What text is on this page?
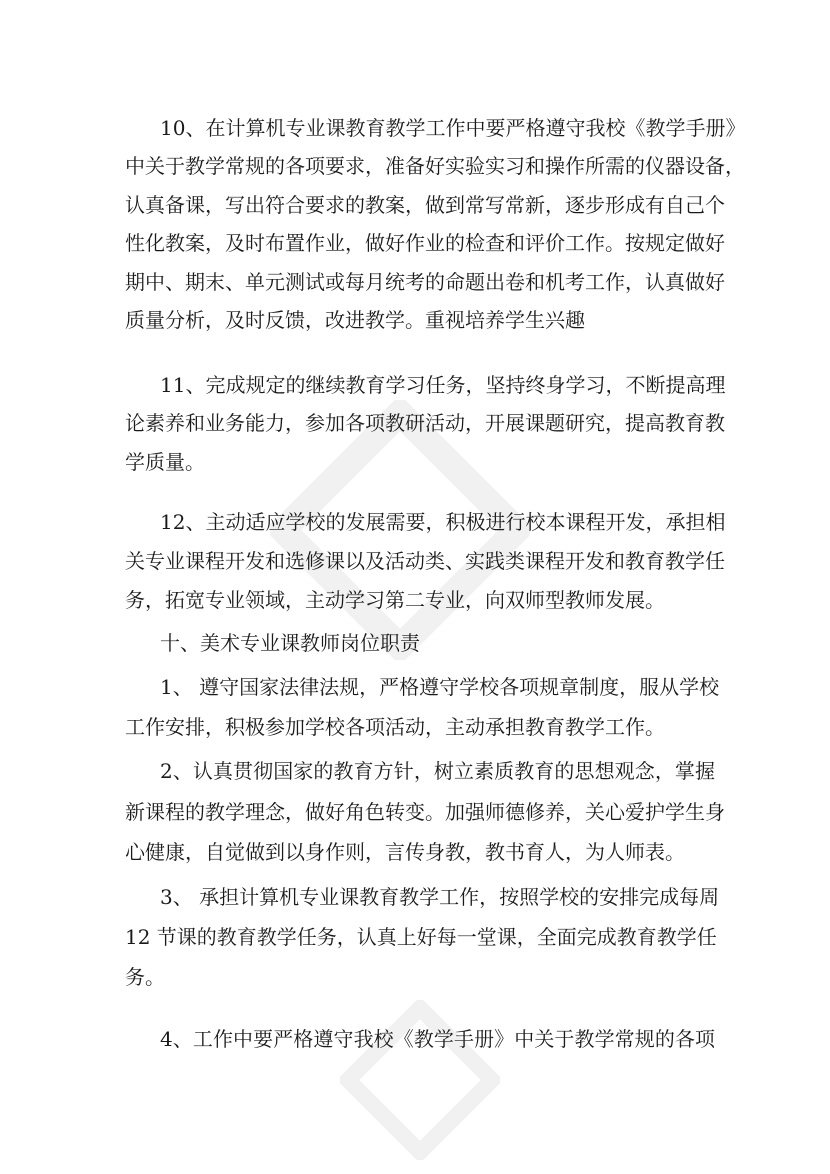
10、在计算机专业课教育教学工作中要严格遵守我校《教学手册》
中关于教学常规的各项要求，准备好实验实习和操作所需的仪器设备，
认真备课，写出符合要求的教案，做到常写常新，逐步形成有自己个
性化教案，及时布置作业，做好作业的检查和评价工作。按规定做好
期中、期末、单元测试或每月统考的命题出卷和机考工作，认真做好
质量分析，及时反馈，改进教学。重视培养学生兴趣
11、完成规定的继续教育学习任务，坚持终身学习，不断提高理
论素养和业务能力，参加各项教研活动，开展课题研究，提高教育教
学质量。
12、主动适应学校的发展需要，积极进行校本课程开发，承担相
关专业课程开发和选修课以及活动类、实践类课程开发和教育教学任
务，拓宽专业领域，主动学习第二专业，向双师型教师发展。
十、美术专业课教师岗位职责
1、 遵守国家法律法规，严格遵守学校各项规章制度，服从学校
工作安排，积极参加学校各项活动，主动承担教育教学工作。
2、认真贯彻国家的教育方针，树立素质教育的思想观念，掌握
新课程的教学理念，做好角色转变。加强师德修养，关心爱护学生身
心健康，自觉做到以身作则，言传身教，教书育人，为人师表。
3、 承担计算机专业课教育教学工作，按照学校的安排完成每周
12 节课的教育教学任务，认真上好每一堂课，全面完成教育教学任
务。
4、工作中要严格遵守我校《教学手册》中关于教学常规的各项
